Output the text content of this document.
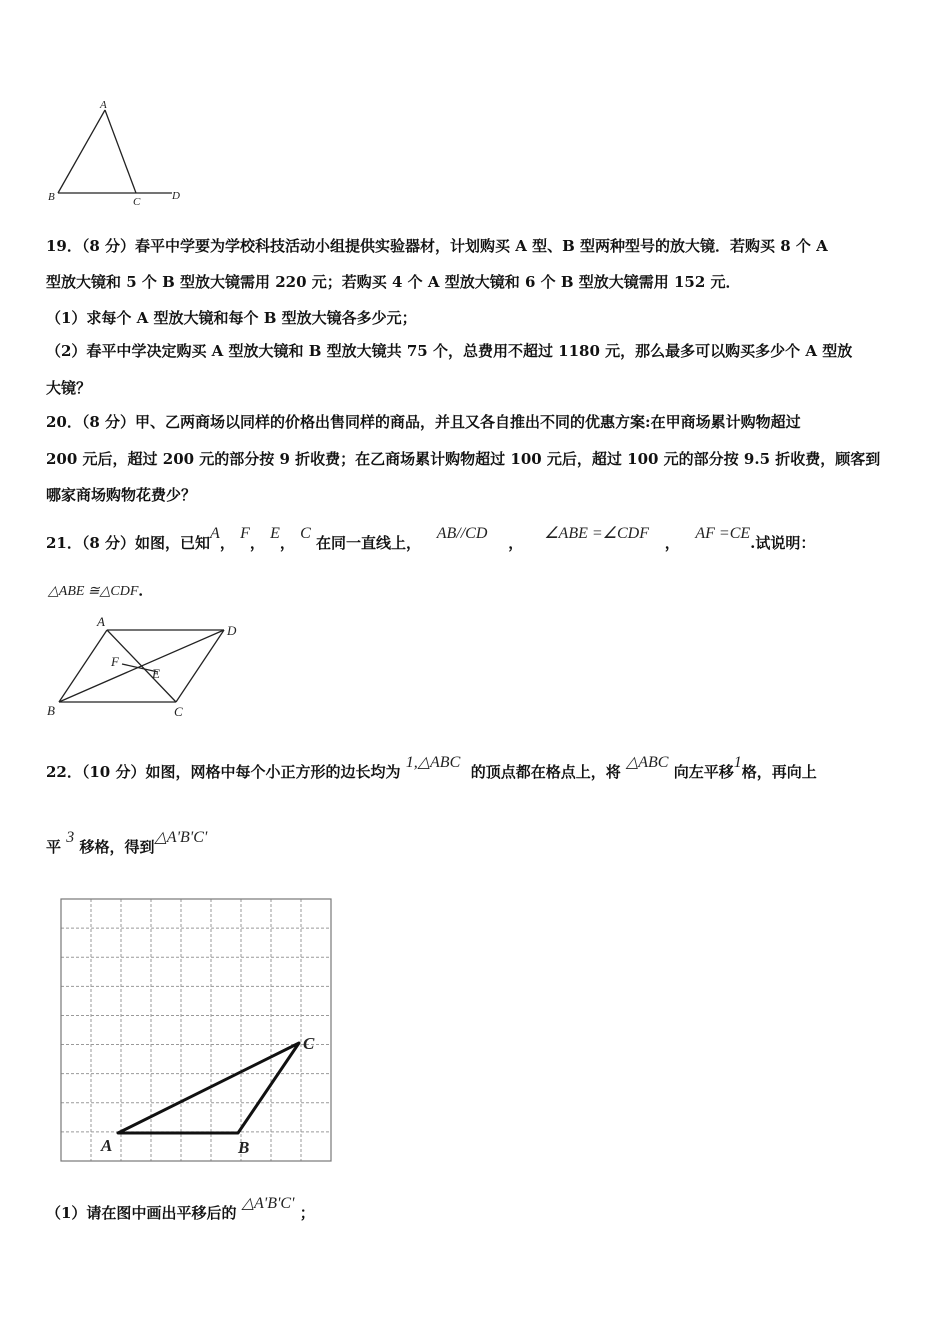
A
B	C	D
19．（8 分）春平中学要为学校科技活动小组提供实验器材，计划购买 A 型、B 型两种型号的放大镜．若购买 8 个 A
型放大镜和 5 个 B 型放大镜需用 220 元；若购买 4 个 A 型放大镜和 6 个 B 型放大镜需用 152 元．
（1）求每个 A 型放大镜和每个 B 型放大镜各多少元；
（2）春平中学决定购买 A 型放大镜和 B 型放大镜共 75 个，总费用不超过 1180 元，那么最多可以购买多少个 A 型放
大镜？
20．（8 分）甲、乙两商场以同样的价格出售同样的商品，并且又各自推出不同的优惠方案:在甲商场累计购物超过
200 元后，超过 200 元的部分按 9 折收费；在乙商场累计购物超过 100 元后，超过 100 元的部分按 9.5 折收费，顾客到
哪家商场购物花费少？
21．（8 分）如图，已知A， F， E， C 在同一直线上，   AB//CD    ，    ∠ABE =∠CDF   ，   AF =CE.试说明：
△ABE ≅△CDF．
A
D
F
E
B	C
22．（10 分）如图，网格中每个小正方形的边长均为 1,△ABC  的顶点都在格点上，将 △ABC 向左平移1格，再向上
平 3 移格，得到△A'B'C'
A	B
C
（1）请在图中画出平移后的 △A'B'C' ；
